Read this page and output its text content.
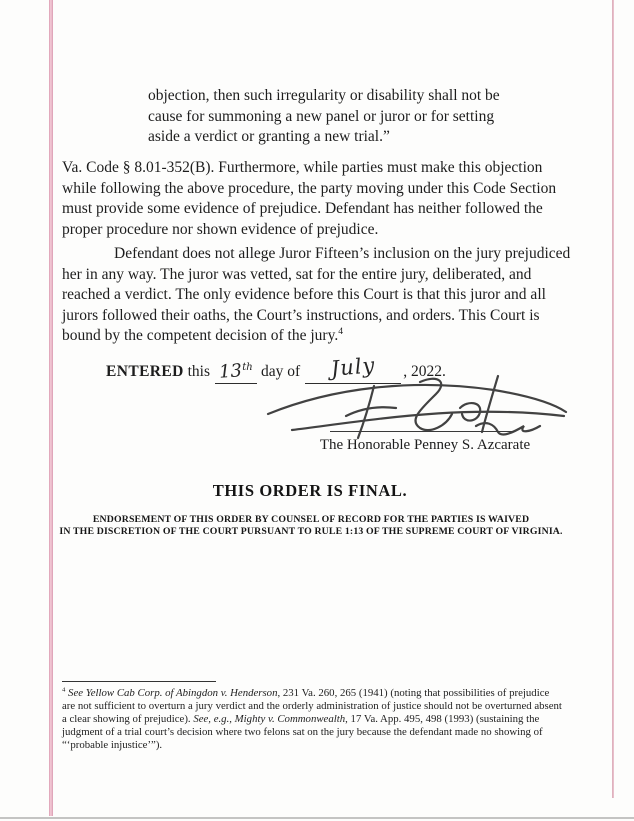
objection, then such irregularity or disability shall not be
cause for summoning a new panel or juror or for setting
aside a verdict or granting a new trial.”
Va. Code § 8.01-352(B). Furthermore, while parties must make this objection
while following the above procedure, the party moving under this Code Section
must provide some evidence of prejudice. Defendant has neither followed the
proper procedure nor shown evidence of prejudice.
Defendant does not allege Juror Fifteen’s inclusion on the jury prejudiced
her in any way. The juror was vetted, sat for the entire jury, deliberated, and
reached a verdict. The only evidence before this Court is that this juror and all
jurors followed their oaths, the Court’s instructions, and orders. This Court is
bound by the competent decision of the jury.$^4$
ENTERED this 13th day of July , 2022.
The Honorable Penney S. Azcarate
THIS ORDER IS FINAL.
ENDORSEMENT OF THIS ORDER BY COUNSEL OF RECORD FOR THE PARTIES IS WAIVED
IN THE DISCRETION OF THE COURT PURSUANT TO RULE 1:13 OF THE SUPREME COURT OF VIRGINIA.
$^4$ See Yellow Cab Corp. of Abingdon v. Henderson, 231 Va. 260, 265 (1941) (noting that possibilities of prejudice
are not sufficient to overturn a jury verdict and the orderly administration of justice should not be overturned absent
a clear showing of prejudice). See, e.g., Mighty v. Commonwealth, 17 Va. App. 495, 498 (1993) (sustaining the
judgment of a trial court’s decision where two felons sat on the jury because the defendant made no showing of
“‘probable injustice’”).
